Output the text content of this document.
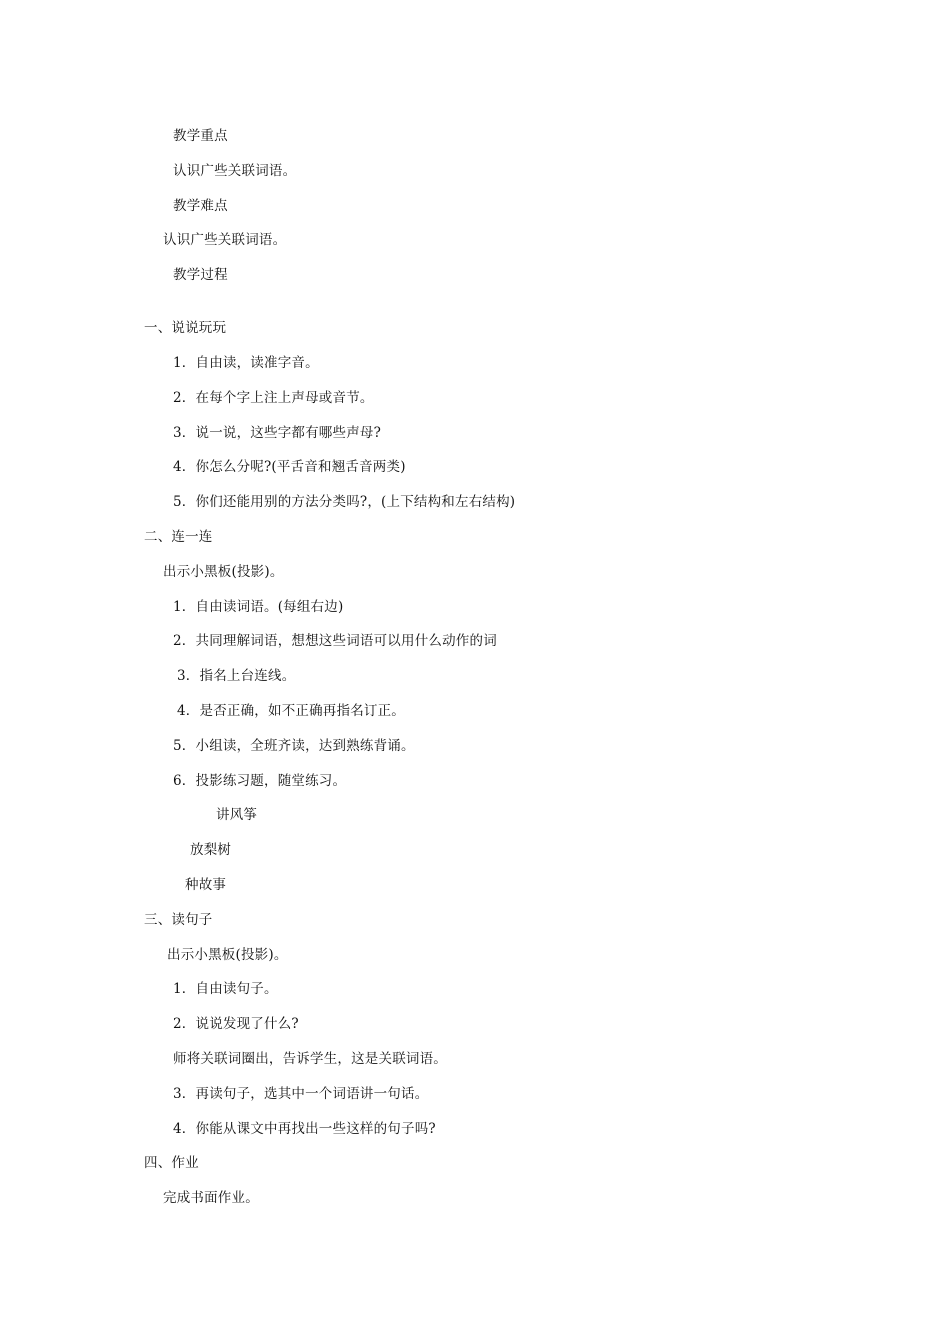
教学重点
认识广些关联词语。
教学难点
认识广些关联词语。
教学过程
一、说说玩玩
1．自由读，读准字音。
2．在每个字上注上声母或音节。
3．说一说，这些字都有哪些声母?
4．你怎么分呢?(平舌音和翘舌音两类)
5．你们还能用别的方法分类吗?，(上下结构和左右结构)
二、连一连
出示小黑板(投影)。
1．自由读词语。(每组右边)
2．共同理解词语，想想这些词语可以用什么动作的词
3．指名上台连线。
4．是否正确，如不正确再指名订正。
5．小组读，全班齐读，达到熟练背诵。
6．投影练习题，随堂练习。
讲风筝
放梨树
种故事
三、读句子
出示小黑板(投影)。
1．自由读句子。
2．说说发现了什么?
师将关联词圈出，告诉学生，这是关联词语。
3．再读句子，选其中一个词语讲一句话。
4．你能从课文中再找出一些这样的句子吗?
四、作业
完成书面作业。
